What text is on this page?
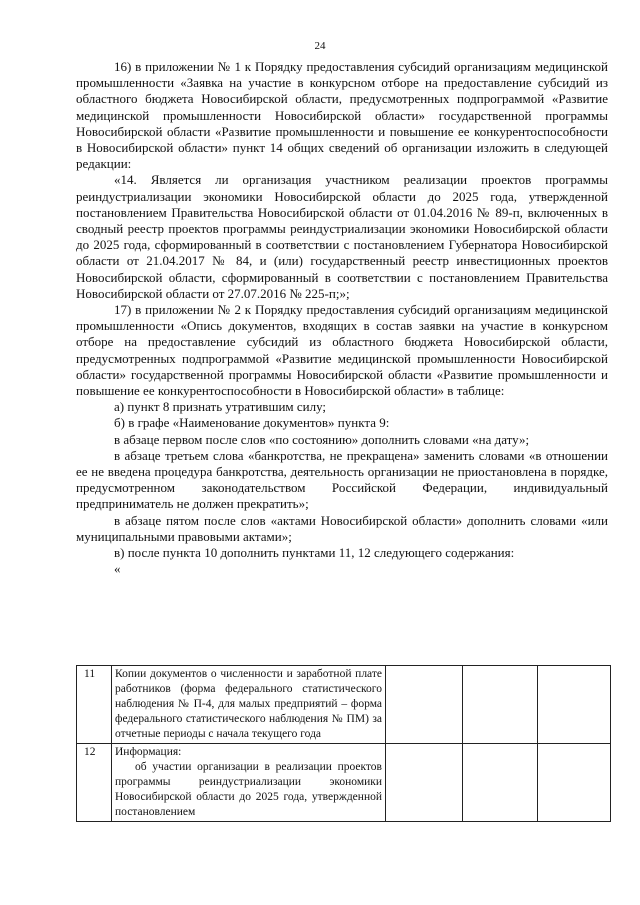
24

16) в приложении № 1 к Порядку предоставления субсидий организациям медицинской промышленности «Заявка на участие в конкурсном отборе на предоставление субсидий из областного бюджета Новосибирской области, предусмотренных подпрограммой «Развитие медицинской промышленности Новосибирской области» государственной программы Новосибирской области «Развитие промышленности и повышение ее конкурентоспособности в Новосибирской области» пункт 14 общих сведений об организации изложить в следующей редакции:

«14. Является ли организация участником реализации проектов программы реиндустриализации экономики Новосибирской области до 2025 года, утвержденной постановлением Правительства Новосибирской области от 01.04.2016 № 89-п, включенных в сводный реестр проектов программы реиндустриализации экономики Новосибирской области до 2025 года, сформированный в соответствии с постановлением Губернатора Новосибирской области от 21.04.2017 № 84, и (или) государственный реестр инвестиционных проектов Новосибирской области, сформированный в соответствии с постановлением Правительства Новосибирской области от 27.07.2016 № 225-п;»;

17) в приложении № 2 к Порядку предоставления субсидий организациям медицинской промышленности «Опись документов, входящих в состав заявки на участие в конкурсном отборе на предоставление субсидий из областного бюджета Новосибирской области, предусмотренных подпрограммой «Развитие медицинской промышленности Новосибирской области» государственной программы Новосибирской области «Развитие промышленности и повышение ее конкурентоспособности в Новосибирской области» в таблице:

а) пункт 8 признать утратившим силу;

б) в графе «Наименование документов» пункта 9:

в абзаце первом после слов «по состоянию» дополнить словами «на дату»;

в абзаце третьем слова «банкротства, не прекращена» заменить словами «в отношении ее не введена процедура банкротства, деятельность организации не приостановлена в порядке, предусмотренном законодательством Российской Федерации, индивидуальный предприниматель не должен прекратить»;

в абзаце пятом после слов «актами Новосибирской области» дополнить словами «или муниципальными правовыми актами»;

в) после пункта 10 дополнить пунктами 11, 12 следующего содержания:

«

11	Копии документов о численности и заработной плате работников (форма федерального статистического наблюдения № П-4, для малых предприятий – форма федерального статистического наблюдения № ПМ) за отчетные периоды с начала текущего года			
12	Информация:
об участии организации в реализации проектов программы реиндустриализации экономики Новосибирской области до 2025 года, утвержденной постановлением			
